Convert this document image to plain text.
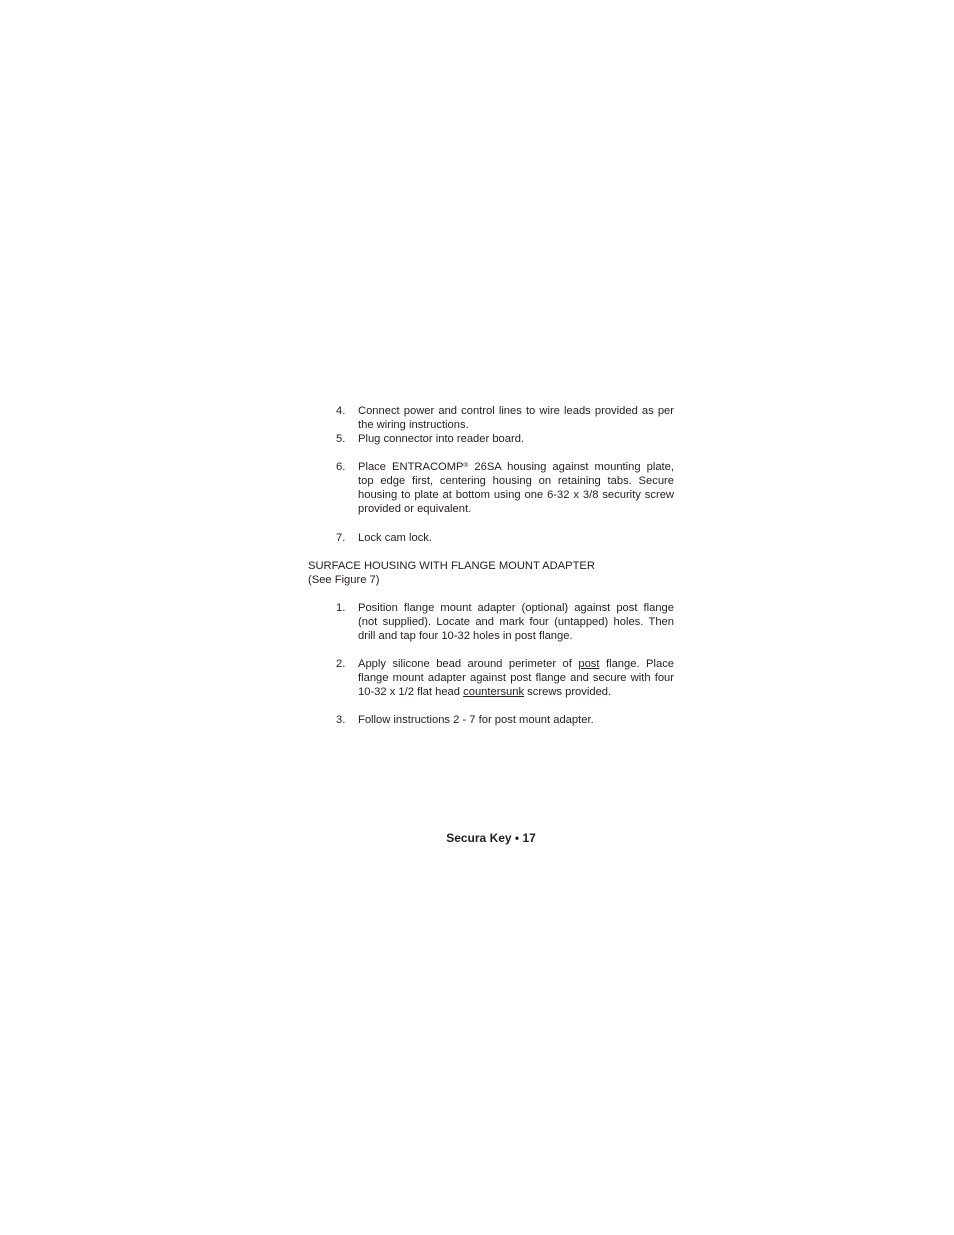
4.	Connect power and control lines to wire leads provided as per the wiring instructions.
5.	Plug connector into reader board.
6.	Place ENTRACOMP® 26SA housing against mounting plate, top edge first, centering housing on retaining tabs. Secure housing to plate at bottom using one 6-32 x 3/8 security screw provided or equivalent.
7.	Lock cam lock.
SURFACE HOUSING WITH FLANGE MOUNT ADAPTER
(See Figure 7)
1.	Position flange mount adapter (optional) against post flange (not supplied). Locate and mark four (untapped) holes. Then drill and tap four 10-32 holes in post flange.
2.	Apply silicone bead around perimeter of post flange. Place flange mount adapter against post flange and secure with four 10-32 x 1/2 flat head countersunk screws provided.
3.	Follow instructions 2 - 7 for post mount adapter.
Secura Key • 17
